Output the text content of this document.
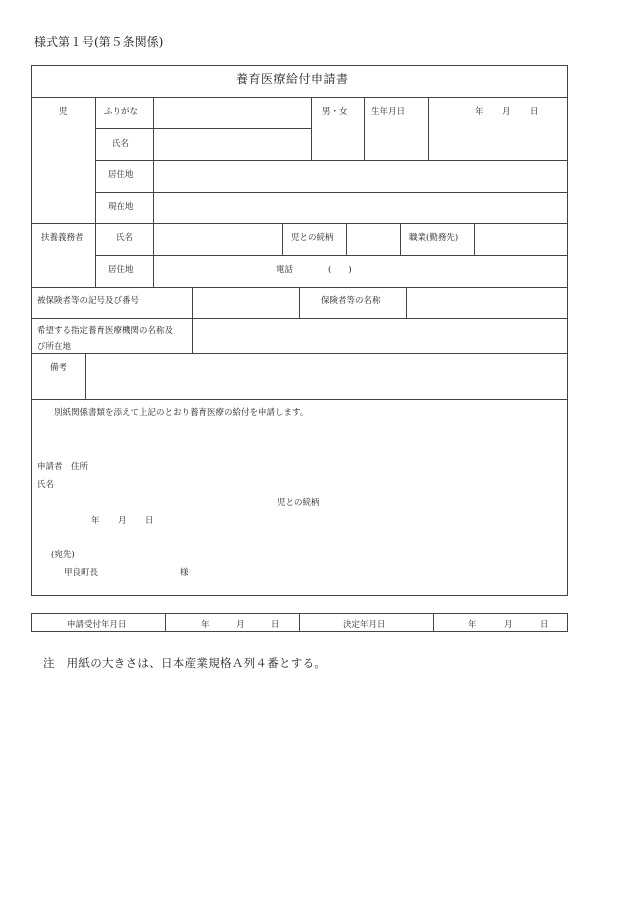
様式第１号(第５条関係)
養育医療給付申請書
児	ふりがな
氏名
男・女	生年月日	年 月 日
居住地
現在地
扶養義務者	氏名	児との続柄	職業(勤務先)
居住地	電話	(　　)
被保険者等の記号及び番号	保険者等の名称
希望する指定養育医療機関の名称及
び所在地
備考
別紙関係書類を添えて上記のとおり養育医療の給付を申請します。
申請者　住所
氏名
児との続柄
年 月 日
(宛先)
甲良町長	様
申請受付年月日	年	月	日	決定年月日	年	月	日
注　用紙の大きさは、日本産業規格Ａ列４番とする。
